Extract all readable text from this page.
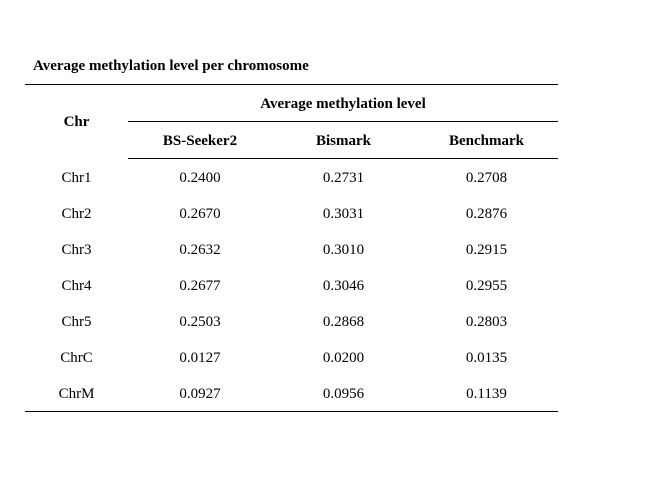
Average methylation level per chromosome
Chr
Average methylation level
BS-Seeker2	Bismark	Benchmark
Chr1	0.2400	0.2731	0.2708
Chr2	0.2670	0.3031	0.2876
Chr3	0.2632	0.3010	0.2915
Chr4	0.2677	0.3046	0.2955
Chr5	0.2503	0.2868	0.2803
ChrC	0.0127	0.0200	0.0135
ChrM	0.0927	0.0956	0.1139
